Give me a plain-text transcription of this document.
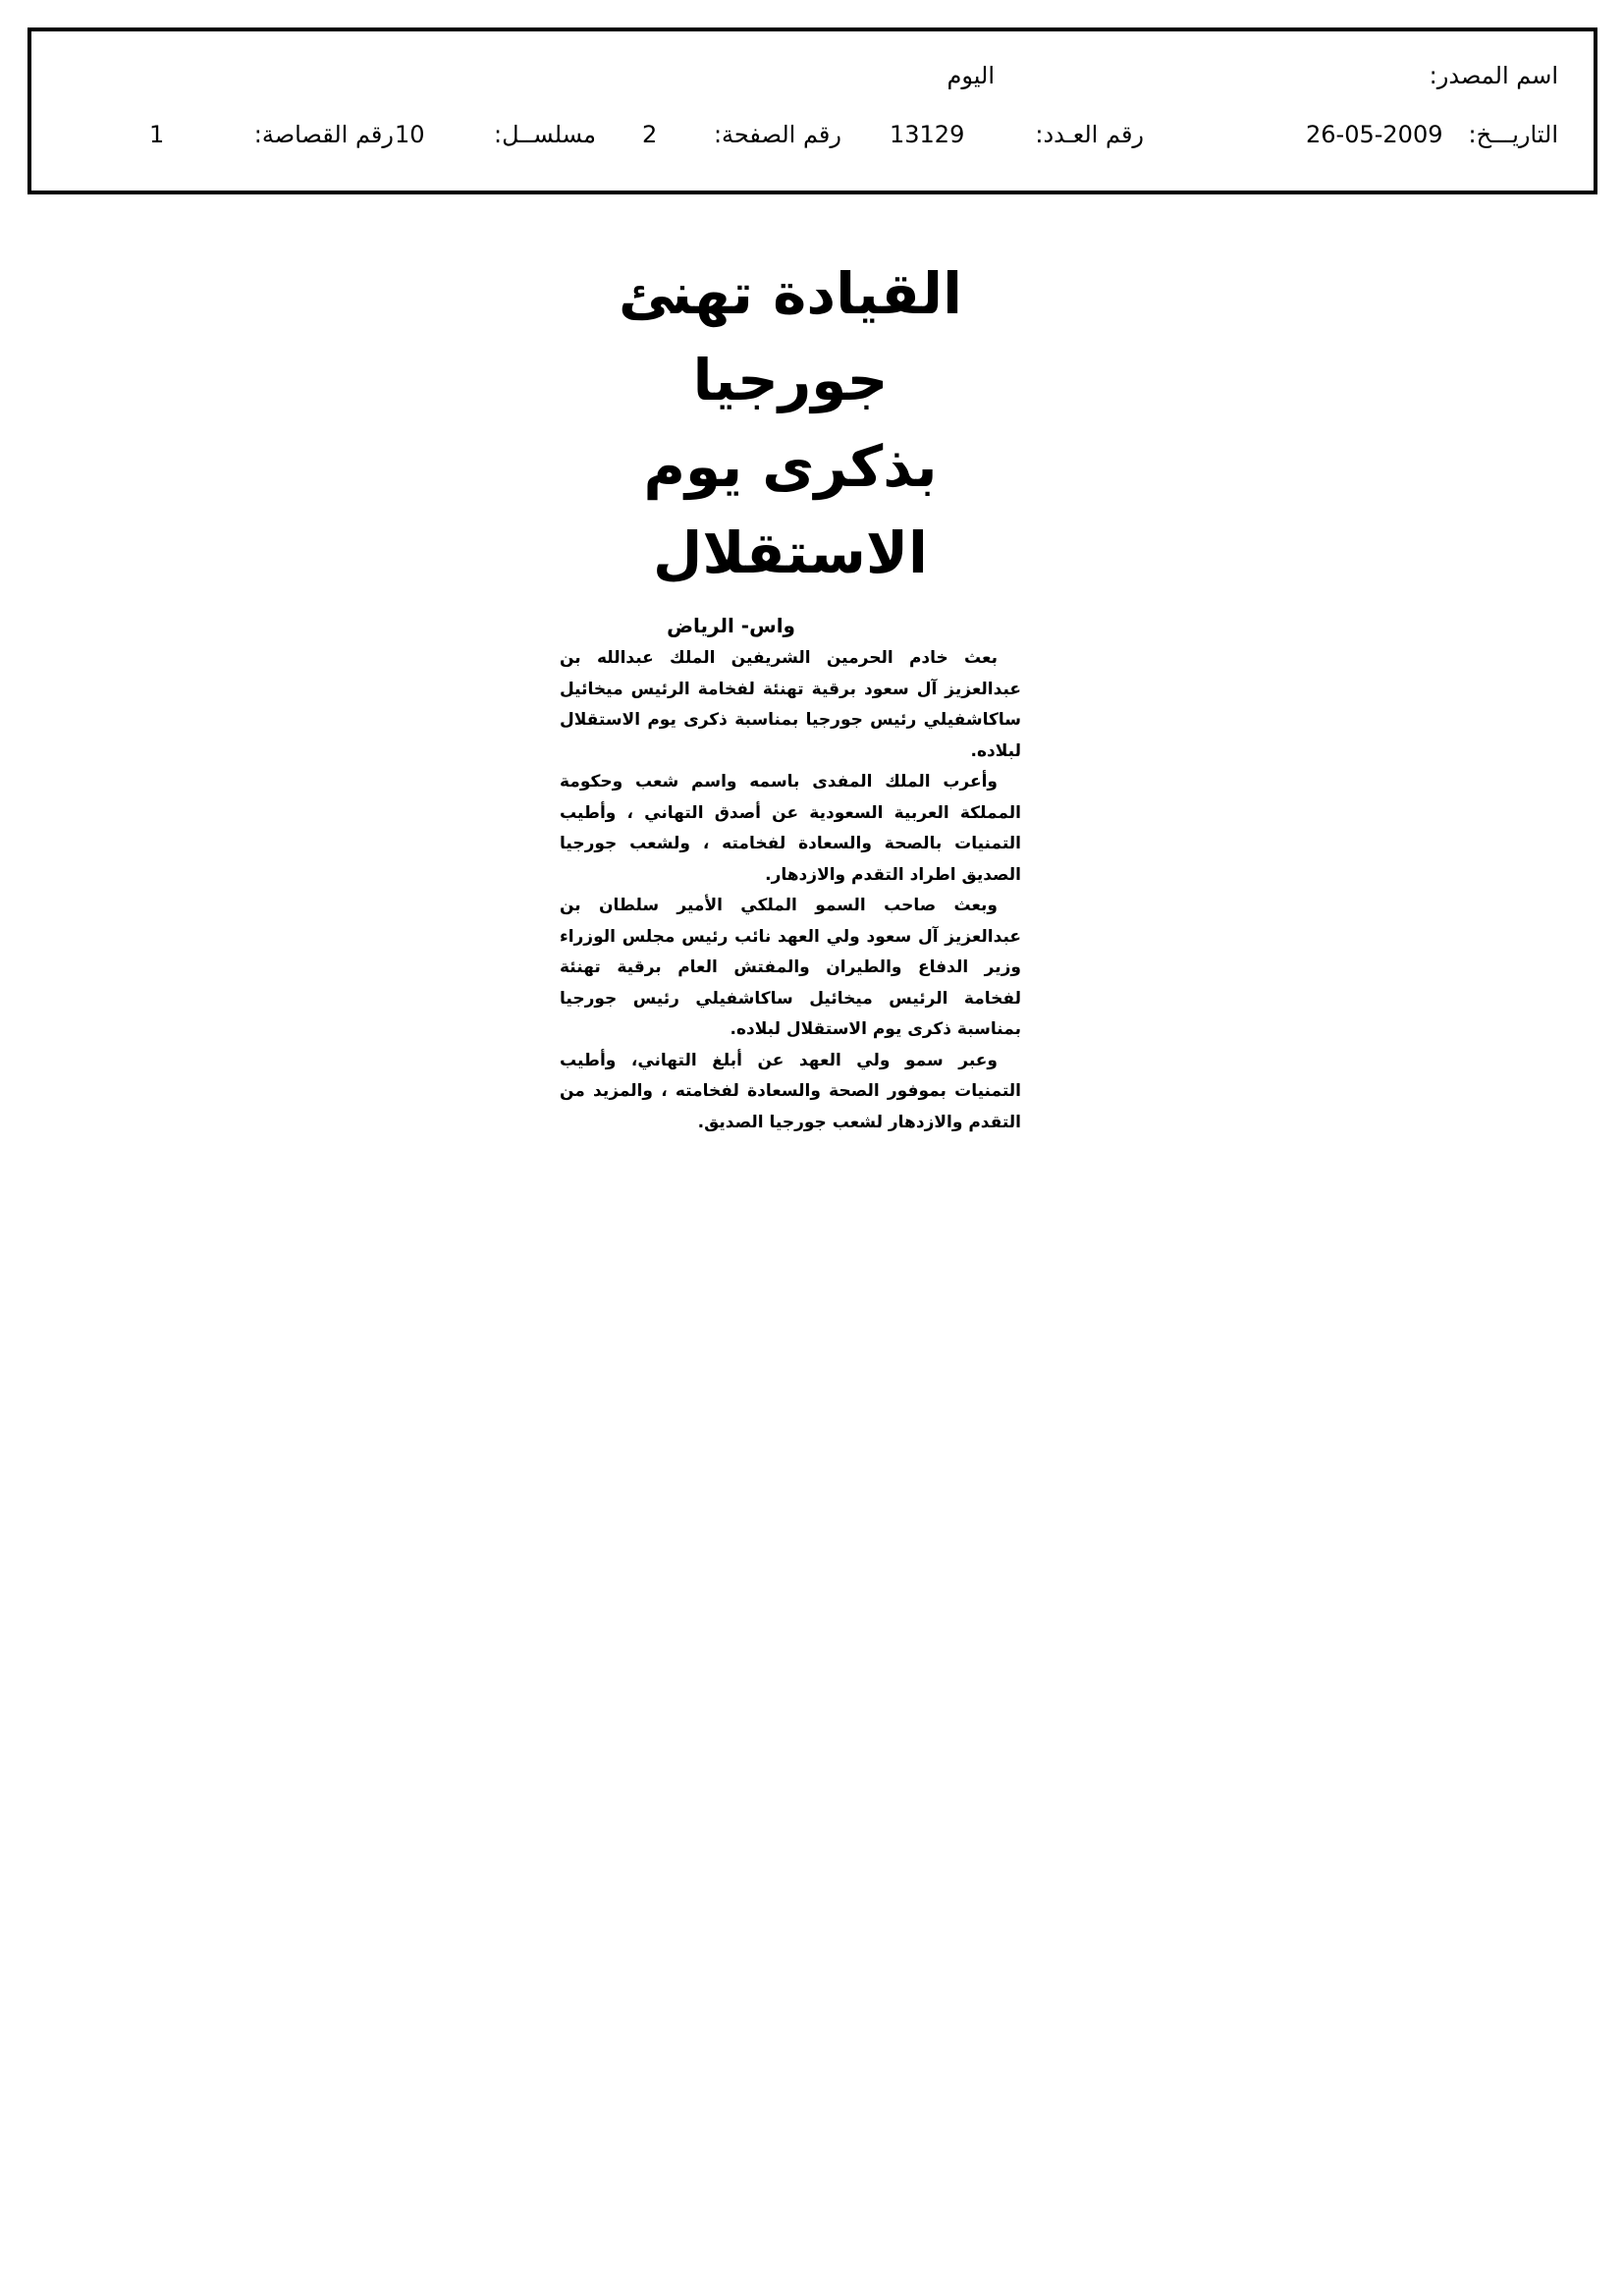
اسم المصدر:
اليوم
التاريـــخ:
26-05-2009
رقم العـدد:
13129
رقم الصفحة:
2
مسلســل:
10
رقم القصاصة:
1
القيادة تهنئ جورجيا
بذكرى يوم الاستقلال
واس- الرياض

بعث خادم الحرمين الشريفين الملك عبدالله بن عبدالعزيز آل سعود برقية تهنئة لفخامة الرئيس ميخائيل ساكاشفيلي رئيس جورجيا بمناسبة ذكرى يوم الاستقلال لبلاده.

وأعرب الملك المفدى باسمه واسم شعب وحكومة المملكة العربية السعودية عن أصدق التهاني ، وأطيب التمنيات بالصحة والسعادة لفخامته ، ولشعب جورجيا الصديق اطراد التقدم والازدهار.

وبعث صاحب السمو الملكي الأمير سلطان بن عبدالعزيز آل سعود ولي العهد نائب رئيس مجلس الوزراء وزير الدفاع والطيران والمفتش العام برقية تهنئة لفخامة الرئيس ميخائيل ساكاشفيلي رئيس جورجيا بمناسبة ذكرى يوم الاستقلال لبلاده.

وعبر سمو ولي العهد عن أبلغ التهاني، وأطيب التمنيات بموفور الصحة والسعادة لفخامته ، والمزيد من التقدم والازدهار لشعب جورجيا الصديق.
